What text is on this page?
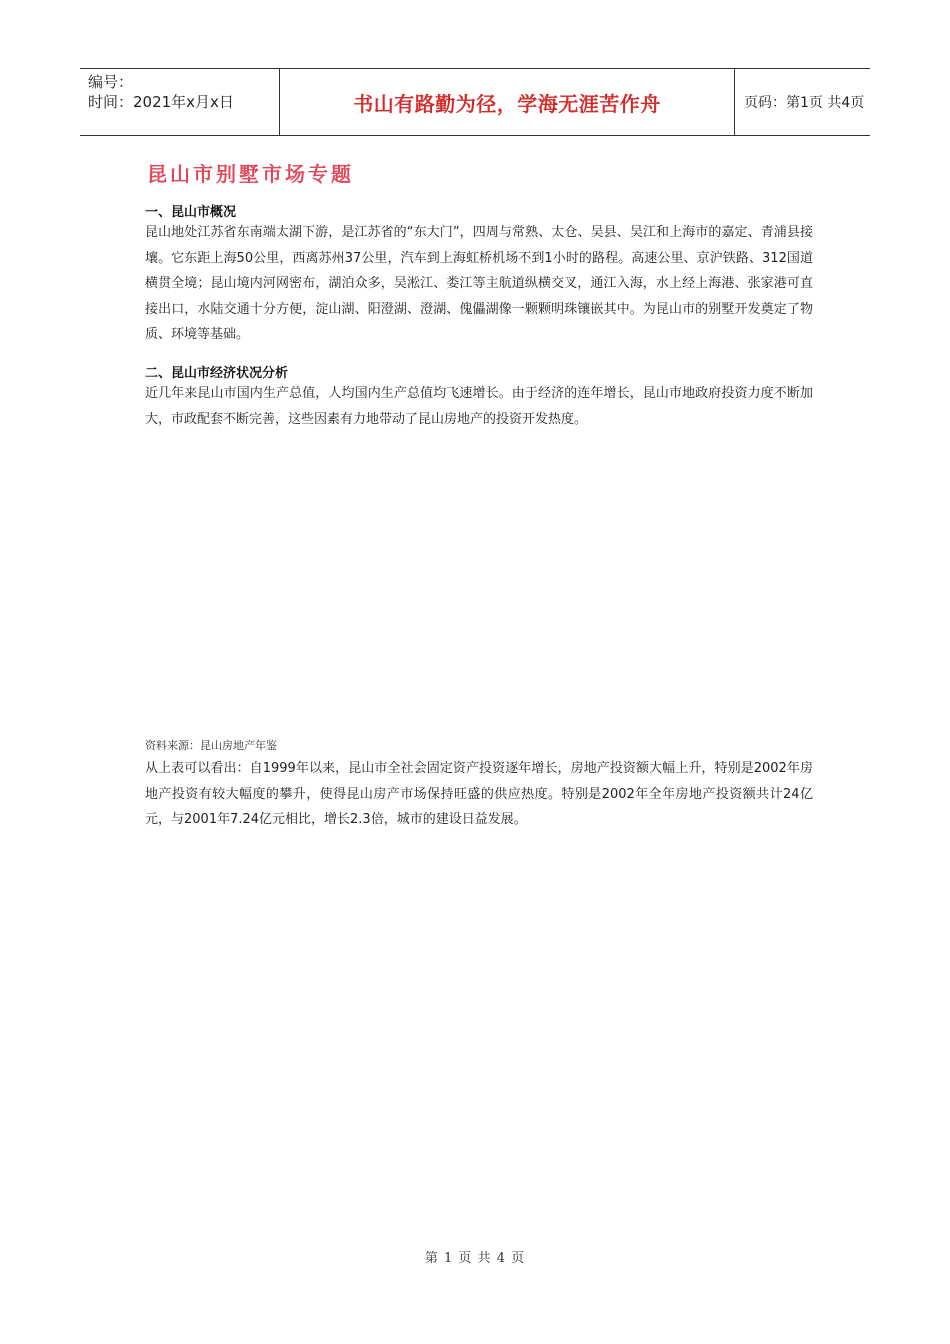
编号：
时间：2021年x月x日	书山有路勤为径，学海无涯苦作舟	页码：第1页 共4页
昆山市别墅市场专题
一、昆山市概况
昆山地处江苏省东南端太湖下游，是江苏省的“东大门”，四周与常熟、太仓、吴县、吴江和上海市的嘉定、青浦县接壤。它东距上海50公里，西离苏州37公里，汽车到上海虹桥机场不到1小时的路程。高速公里、京沪铁路、312国道横贯全境；昆山境内河网密布，湖泊众多，吴淞江、娄江等主航道纵横交叉，通江入海，水上经上海港、张家港可直接出口，水陆交通十分方便，淀山湖、阳澄湖、澄湖、傀儡湖像一颗颗明珠镶嵌其中。为昆山市的别墅开发奠定了物质、环境等基础。
二、昆山市经济状况分析
近几年来昆山市国内生产总值，人均国内生产总值均飞速增长。由于经济的连年增长，昆山市地政府投资力度不断加大，市政配套不断完善，这些因素有力地带动了昆山房地产的投资开发热度。
资料来源：昆山房地产年鉴
从上表可以看出：自1999年以来，昆山市全社会固定资产投资逐年增长，房地产投资额大幅上升，特别是2002年房地产投资有较大幅度的攀升，使得昆山房产市场保持旺盛的供应热度。特别是2002年全年房地产投资额共计24亿元，与2001年7.24亿元相比，增长2.3倍，城市的建设日益发展。
第 1 页 共 4 页
